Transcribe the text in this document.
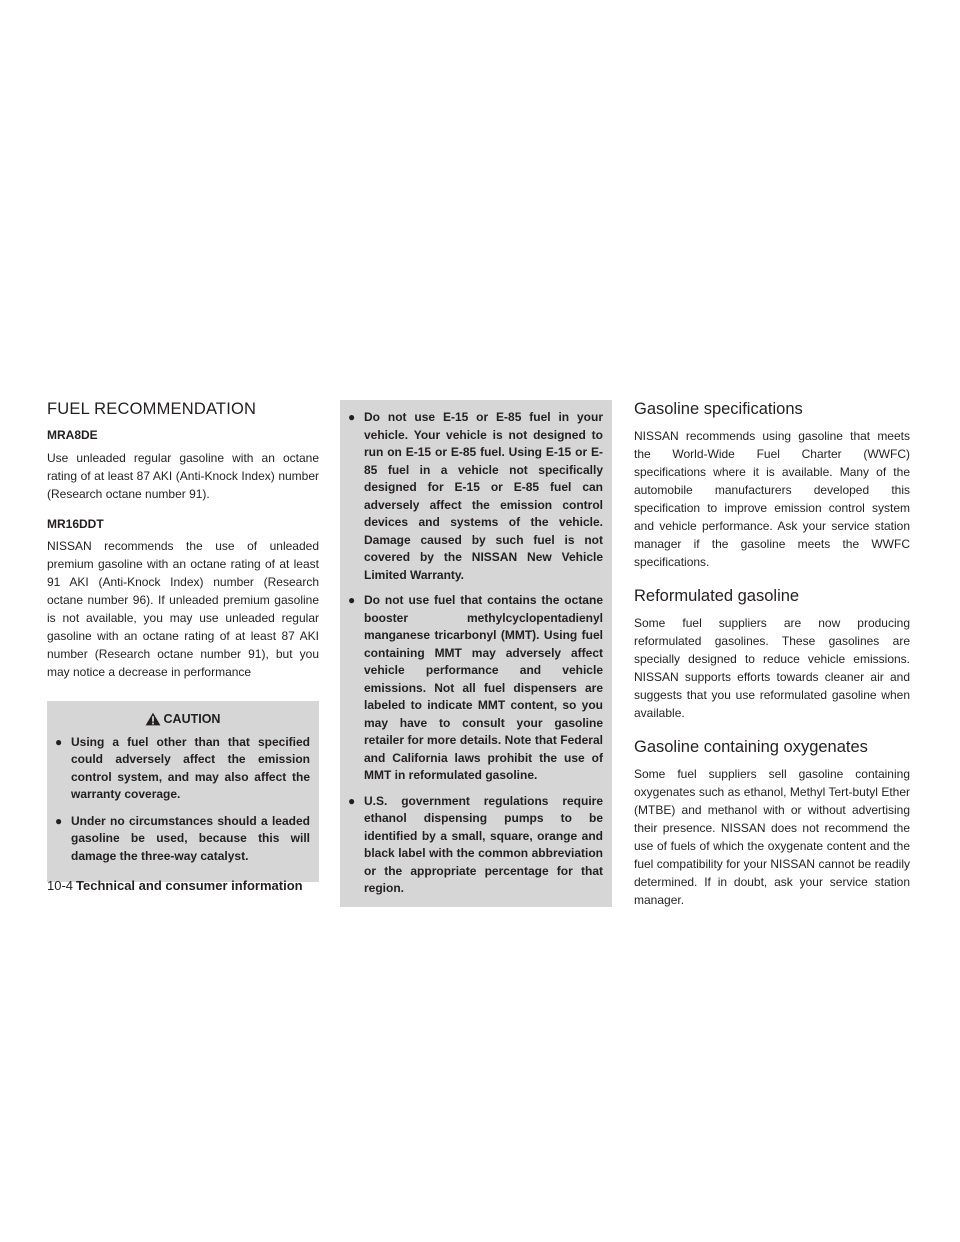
FUEL RECOMMENDATION
MRA8DE

Use unleaded regular gasoline with an octane rating of at least 87 AKI (Anti-Knock Index) number (Research octane number 91).

MR16DDT

NISSAN recommends the use of unleaded premium gasoline with an octane rating of at least 91 AKI (Anti-Knock Index) number (Research octane number 96). If unleaded premium gasoline is not available, you may use unleaded regular gasoline with an octane rating of at least 87 AKI number (Research octane number 91), but you may notice a decrease in performance

CAUTION
● Using a fuel other than that specified could adversely affect the emission control system, and may also affect the warranty coverage.
● Under no circumstances should a leaded gasoline be used, because this will damage the three-way catalyst.
● Do not use E-15 or E-85 fuel in your vehicle. Your vehicle is not designed to run on E-15 or E-85 fuel. Using E-15 or E-85 fuel in a vehicle not specifically designed for E-15 or E-85 fuel can adversely affect the emission control devices and systems of the vehicle. Damage caused by such fuel is not covered by the NISSAN New Vehicle Limited Warranty.
● Do not use fuel that contains the octane booster methylcyclopentadienyl manganese tricarbonyl (MMT). Using fuel containing MMT may adversely affect vehicle performance and vehicle emissions. Not all fuel dispensers are labeled to indicate MMT content, so you may have to consult your gasoline retailer for more details. Note that Federal and California laws prohibit the use of MMT in reformulated gasoline.
● U.S. government regulations require ethanol dispensing pumps to be identified by a small, square, orange and black label with the common abbreviation or the appropriate percentage for that region.
Gasoline specifications

NISSAN recommends using gasoline that meets the World-Wide Fuel Charter (WWFC) specifications where it is available. Many of the automobile manufacturers developed this specification to improve emission control system and vehicle performance. Ask your service station manager if the gasoline meets the WWFC specifications.

Reformulated gasoline

Some fuel suppliers are now producing reformulated gasolines. These gasolines are specially designed to reduce vehicle emissions. NISSAN supports efforts towards cleaner air and suggests that you use reformulated gasoline when available.

Gasoline containing oxygenates

Some fuel suppliers sell gasoline containing oxygenates such as ethanol, Methyl Tert-butyl Ether (MTBE) and methanol with or without advertising their presence. NISSAN does not recommend the use of fuels of which the oxygenate content and the fuel compatibility for your NISSAN cannot be readily determined. If in doubt, ask your service station manager.

10-4 Technical and consumer information
